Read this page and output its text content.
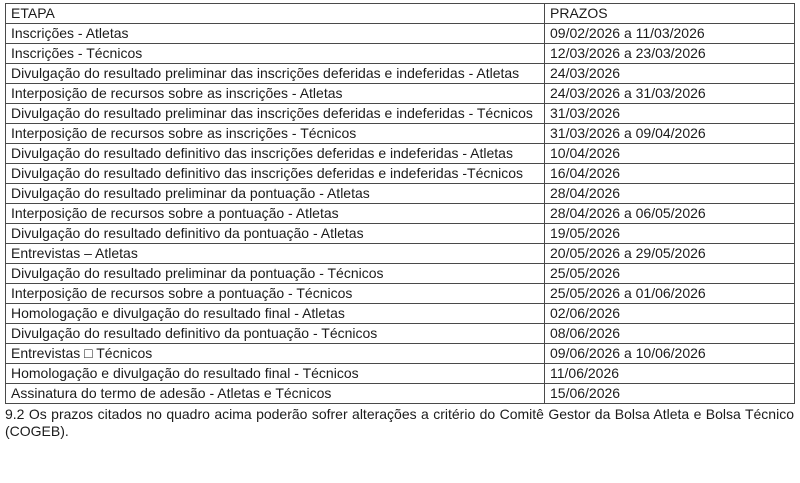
ETAPA	PRAZOS
Inscrições - Atletas	09/02/2026 a 11/03/2026
Inscrições - Técnicos	12/03/2026 a 23/03/2026
Divulgação do resultado preliminar das inscrições deferidas e indeferidas - Atletas	24/03/2026
Interposição de recursos sobre as inscrições - Atletas	24/03/2026 a 31/03/2026
Divulgação do resultado preliminar das inscrições deferidas e indeferidas - Técnicos	31/03/2026
Interposição de recursos sobre as inscrições - Técnicos	31/03/2026 a 09/04/2026
Divulgação do resultado definitivo das inscrições deferidas e indeferidas - Atletas	10/04/2026
Divulgação do resultado definitivo das inscrições deferidas e indeferidas -Técnicos	16/04/2026
Divulgação do resultado preliminar da pontuação - Atletas	28/04/2026
Interposição de recursos sobre a pontuação - Atletas	28/04/2026 a 06/05/2026
Divulgação do resultado definitivo da pontuação - Atletas	19/05/2026
Entrevistas – Atletas	20/05/2026 a 29/05/2026
Divulgação do resultado preliminar da pontuação - Técnicos	25/05/2026
Interposição de recursos sobre a pontuação - Técnicos	25/05/2026 a 01/06/2026
Homologação e divulgação do resultado final - Atletas	02/06/2026
Divulgação do resultado definitivo da pontuação - Técnicos	08/06/2026
Entrevistas □ Técnicos	09/06/2026 a 10/06/2026
Homologação e divulgação do resultado final - Técnicos	11/06/2026
Assinatura do termo de adesão - Atletas e Técnicos	15/06/2026

9.2 Os prazos citados no quadro acima poderão sofrer alterações a critério do Comitê Gestor da Bolsa Atleta e Bolsa Técnico (COGEB).
